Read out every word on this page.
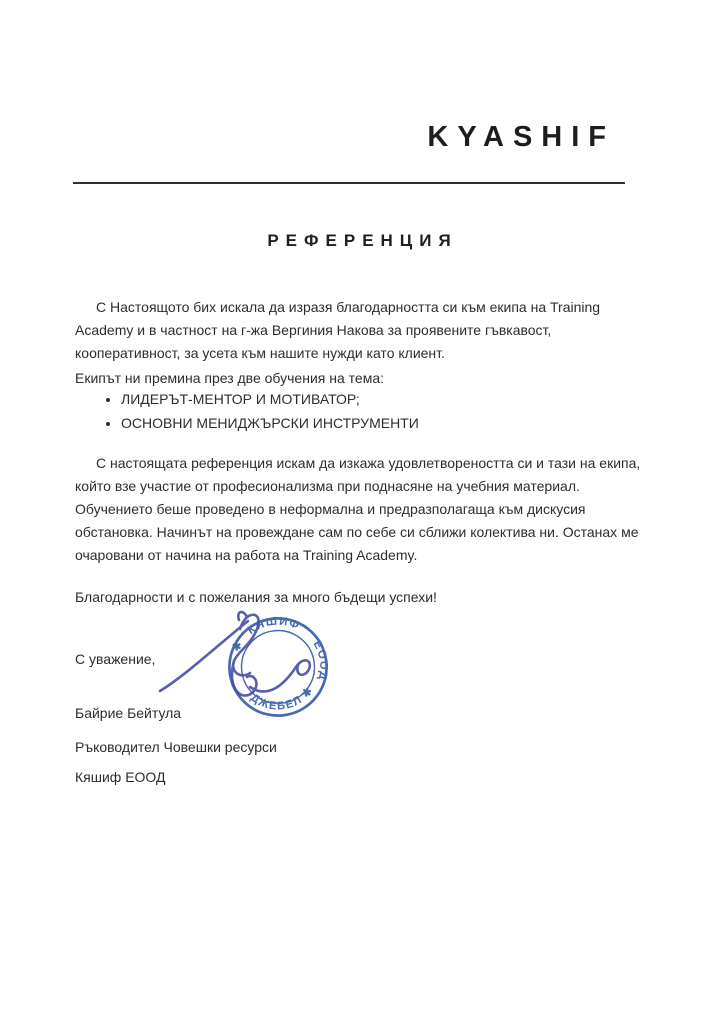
KYASHIF
РЕФЕРЕНЦИЯ

С Настоящото бих искала да изразя благодарността си към екипа на Training Academy и в частност на г-жа Вергиния Накова за проявените гъвкавост, кооперативност, за усета към нашите нужди като клиент.

Екипът ни премина през две обучения на тема:

• ЛИДЕРЪТ-МЕНТОР И МОТИВАТОР;
• ОСНОВНИ МЕНИДЖЪРСКИ ИНСТРУМЕНТИ

С настоящата референция искам да изкажа удовлетвореността си и тази на екипа, който взе участие от професионализма при поднасяне на учебния материал. Обучението беше проведено в неформална и предразполагаща към дискусия обстановка. Начинът на провеждане сам по себе си сближи колектива ни. Останах ме очаровани от начина на работа на Training Academy.

Благодарности и с пожелания за много бъдещи успехи!

С уважение,

✱ "КЯШИФ"
ЕООД
ДЖЕБЕЛ ✱

Байрие Бейтула

Ръководител Човешки ресурси

Кяшиф ЕООД
